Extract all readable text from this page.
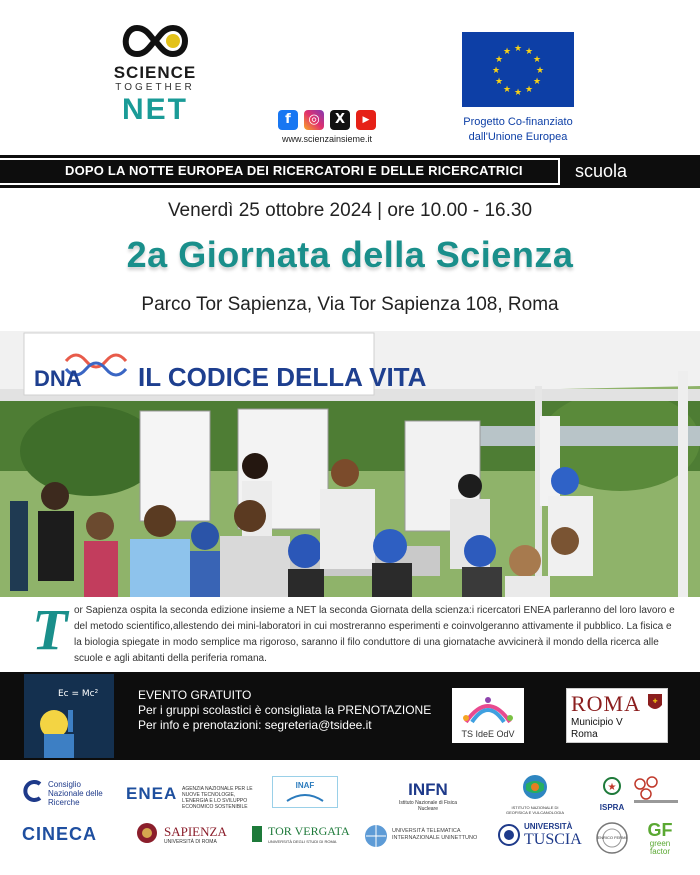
SCIENCE
TOGETHER
NET	f	◎	X	▶
www.scienzainsieme.it
★ ★
★
★
★
★
★
★
★
★
★
★
Progetto Co-finanziato
dall'Unione Europea
DOPO LA NOTTE EUROPEA DEI RICERCATORI E DELLE RICERCATRICI	scuola
Venerdì 25 ottobre 2024 | ore 10.00 - 16.30
2a Giornata della Scienza
Parco Tor Sapienza, Via Tor Sapienza 108, Roma
DNA IL CODICE DELLA VITA
T or Sapienza ospita la seconda edizione insieme a NET la seconda Giornata della scienza:i ricercatori ENEA parleranno del loro lavoro e del metodo scientifico,allestendo dei mini-laboratori in cui mostreranno esperimenti e coinvolgeranno attivamente il pubblico. La fisica e la biologia spiegate in modo semplice ma rigoroso, saranno il filo conduttore di una giornatache avvicinerà il mondo della ricerca alle scuole e agli abitanti della periferia romana.
Ec = Mc²	EVENTO GRATUITO
Per i gruppi scolastici è consigliata la PRENOTAZIONE
Per info e prenotazioni: segreteria@tsidee.it
TS IdeE OdV
ROMA
Municipio V
Roma
✚
Consiglio Nazionale delle Ricerche	ENEA AGENZIA NAZIONALE PER LE NUOVE TECNOLOGIE, L'ENERGIA E LO SVILUPPO ECONOMICO SOSTENIBILE
INAF	INFN
Istituto Nazionale di Fisica Nucleare	ISTITUTO NAZIONALE DI GEOFISICA E VULCANOLOGIA
★
ISPRA
CINECA	SAPIENZA
UNIVERSITÀ DI ROMA
TOR VERGATA
UNIVERSITÀ DEGLI STUDI DI ROMA
UNIVERSITÀ TELEMATICA INTERNAZIONALE UNINETTUNO
UNIVERSITÀ
TUSCIA	ENRICO FERMI	GF
green factor
